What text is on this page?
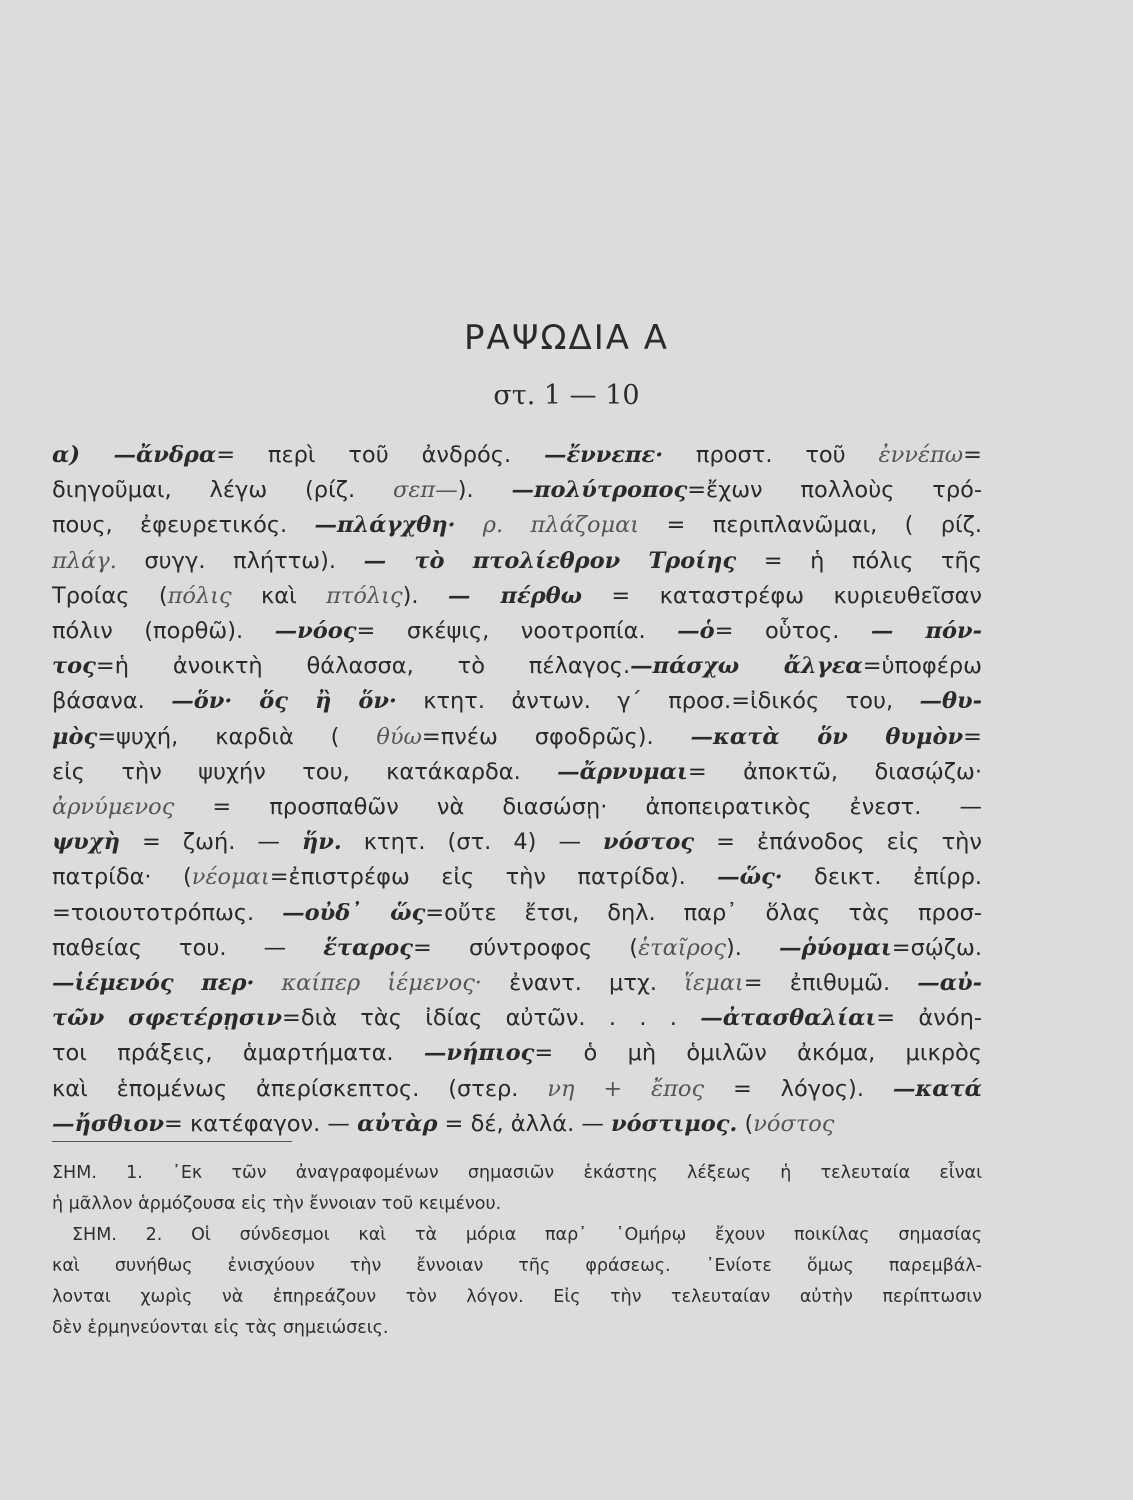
ΡΑΨΩΔΙΑ Α
στ. 1 — 10
α) —ἄνδρα= περὶ τοῦ ἀνδρός. —ἔννεπε· προστ. τοῦ ἐννέπω=
διηγοῦμαι, λέγω (ρίζ. σεπ—). —πολύτροπος=ἔχων πολλοὺς τρό-
πους, ἐφευρετικός. —πλάγχθη· ρ. πλάζομαι = περιπλανῶμαι, ( ρίζ.
πλάγ. συγγ. πλήττω). — τὸ πτολίεθρον Τροίης = ἡ πόλις τῆς
Τροίας (πόλις καὶ πτόλις). — πέρθω = καταστρέφω κυριευθεῖσαν
πόλιν (πορθῶ). —νόος= σκέψις, νοοτροπία. —ὁ= οὗτος. — πόν-
τος=ἡ ἀνοικτὴ θάλασσα, τὸ πέλαγος.—πάσχω ἄλγεα=ὑποφέρω
βάσανα. —ὅν· ὅς ἢ ὅν· κτητ. ἀντων. γ΄ προσ.=ἰδικός του, —θυ-
μὸς=ψυχή, καρδιὰ ( θύω=πνέω σφοδρῶς). —κατὰ ὅν θυμὸν=
εἰς τὴν ψυχήν του, κατάκαρδα. —ἄρνυμαι= ἀποκτῶ, διασῴζω·
ἀρνύμενος = προσπαθῶν νὰ διασώσῃ· ἀποπειρατικὸς ἐνεστ. —
ψυχὴ = ζωή. — ἥν. κτητ. (στ. 4) — νόστος = ἐπάνοδος εἰς τὴν
πατρίδα· (νέομαι=ἐπιστρέφω εἰς τὴν πατρίδα). —ὥς· δεικτ. ἐπίρρ.
=τοιουτοτρόπως. —οὐδ᾽ ὥς=οὔτε ἔτσι, δηλ. παρ᾽ ὅλας τὰς προσ-
παθείας του. — ἕταρος= σύντροφος (ἑταῖρος). —ῥύομαι=σῴζω.
—ἱέμενός περ· καίπερ ἱέμενος· ἐναντ. μτχ. ἵεμαι= ἐπιθυμῶ. —αὐ-
τῶν σφετέρῃσιν=διὰ τὰς ἰδίας αὐτῶν. . . . —ἀτασθαλίαι= ἀνόη-
τοι πράξεις, ἁμαρτήματα. —νήπιος= ὁ μὴ ὁμιλῶν ἀκόμα, μικρὸς
καὶ ἑπομένως ἀπερίσκεπτος. (στερ. νη + ἔπος = λόγος). —κατά
—ἤσθιον= κατέφαγον. — αὐτὰρ = δέ, ἀλλά. — νόστιμος. (νόστος
ΣΗΜ. 1. ᾿Εκ τῶν ἀναγραφομένων σημασιῶν ἑκάστης λέξεως ἡ τελευταία εἶναι
ἡ μᾶλλον ἁρμόζουσα εἰς τὴν ἔννοιαν τοῦ κειμένου.
ΣΗΜ. 2. Οἱ σύνδεσμοι καὶ τὰ μόρια παρ᾽ ῾Ομήρῳ ἔχουν ποικίλας σημασίας
καὶ συνήθως ἐνισχύουν τὴν ἔννοιαν τῆς φράσεως. ᾿Ενίοτε ὅμως παρεμβάλ-
λονται χωρὶς νὰ ἐπηρεάζουν τὸν λόγον. Εἰς τὴν τελευταίαν αὐτὴν περίπτωσιν
δὲν ἑρμηνεύονται εἰς τὰς σημειώσεις.
